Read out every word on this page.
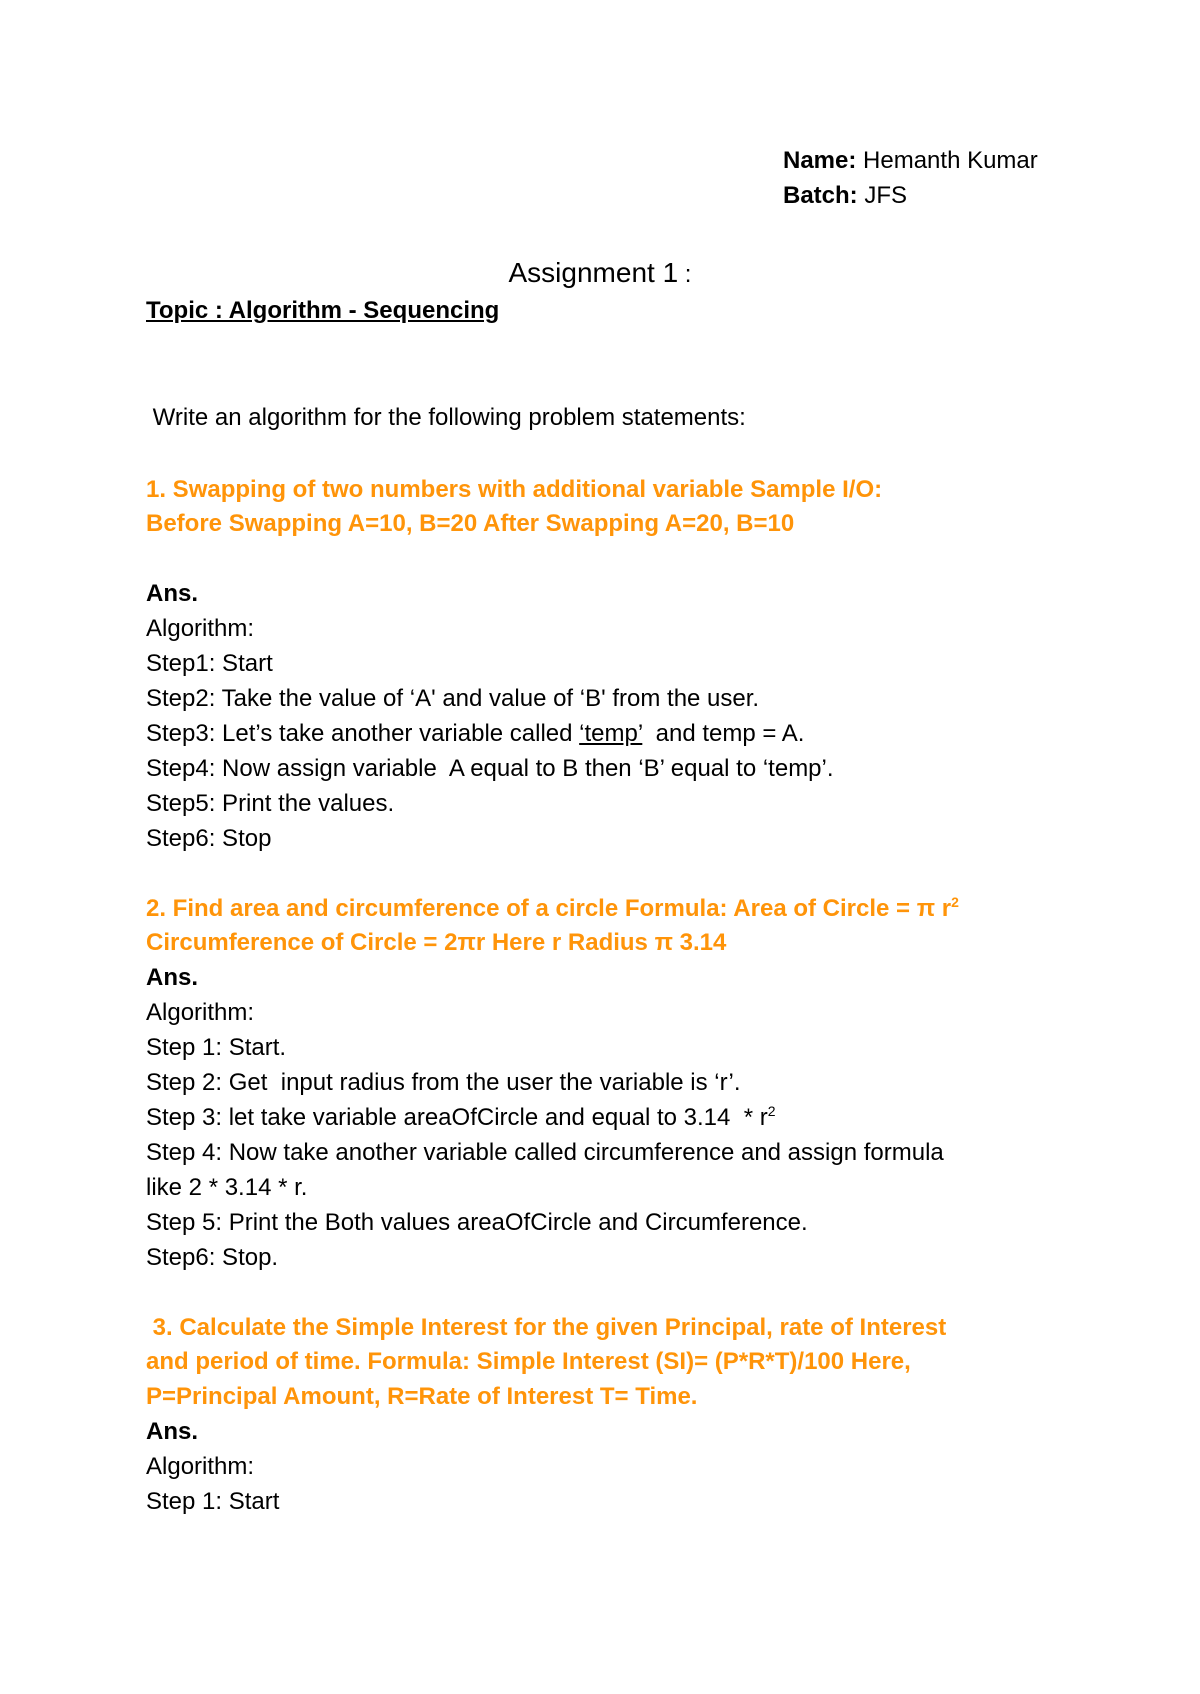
Name: Hemanth Kumar
Batch: JFS
Assignment 1 :
Topic : Algorithm - Sequencing
Write an algorithm for the following problem statements:
1. Swapping of two numbers with additional variable Sample I/O:
Before Swapping A=10, B=20 After Swapping A=20, B=10
Ans.
Algorithm:
Step1: Start
Step2: Take the value of ‘A' and value of ‘B' from the user.
Step3: Let’s take another variable called ‘temp’  and temp = A.
Step4: Now assign variable  A equal to B then ‘B’ equal to ‘temp’.
Step5: Print the values.
Step6: Stop
2. Find area and circumference of a circle Formula: Area of Circle = π $r^2$
Circumference of Circle = 2πr Here r Radius π 3.14
Ans.
Algorithm:
Step 1: Start.
Step 2: Get  input radius from the user the variable is ‘r’.
Step 3: let take variable areaOfCircle and equal to $3.14 * r^2$
Step 4: Now take another variable called circumference and assign formula
like 2 * 3.14 * r.
Step 5: Print the Both values areaOfCircle and Circumference.
Step6: Stop.
3. Calculate the Simple Interest for the given Principal, rate of Interest
and period of time. Formula: Simple Interest (SI)= (P*R*T)/100 Here,
P=Principal Amount, R=Rate of Interest T= Time.
Ans.
Algorithm:
Step 1: Start
